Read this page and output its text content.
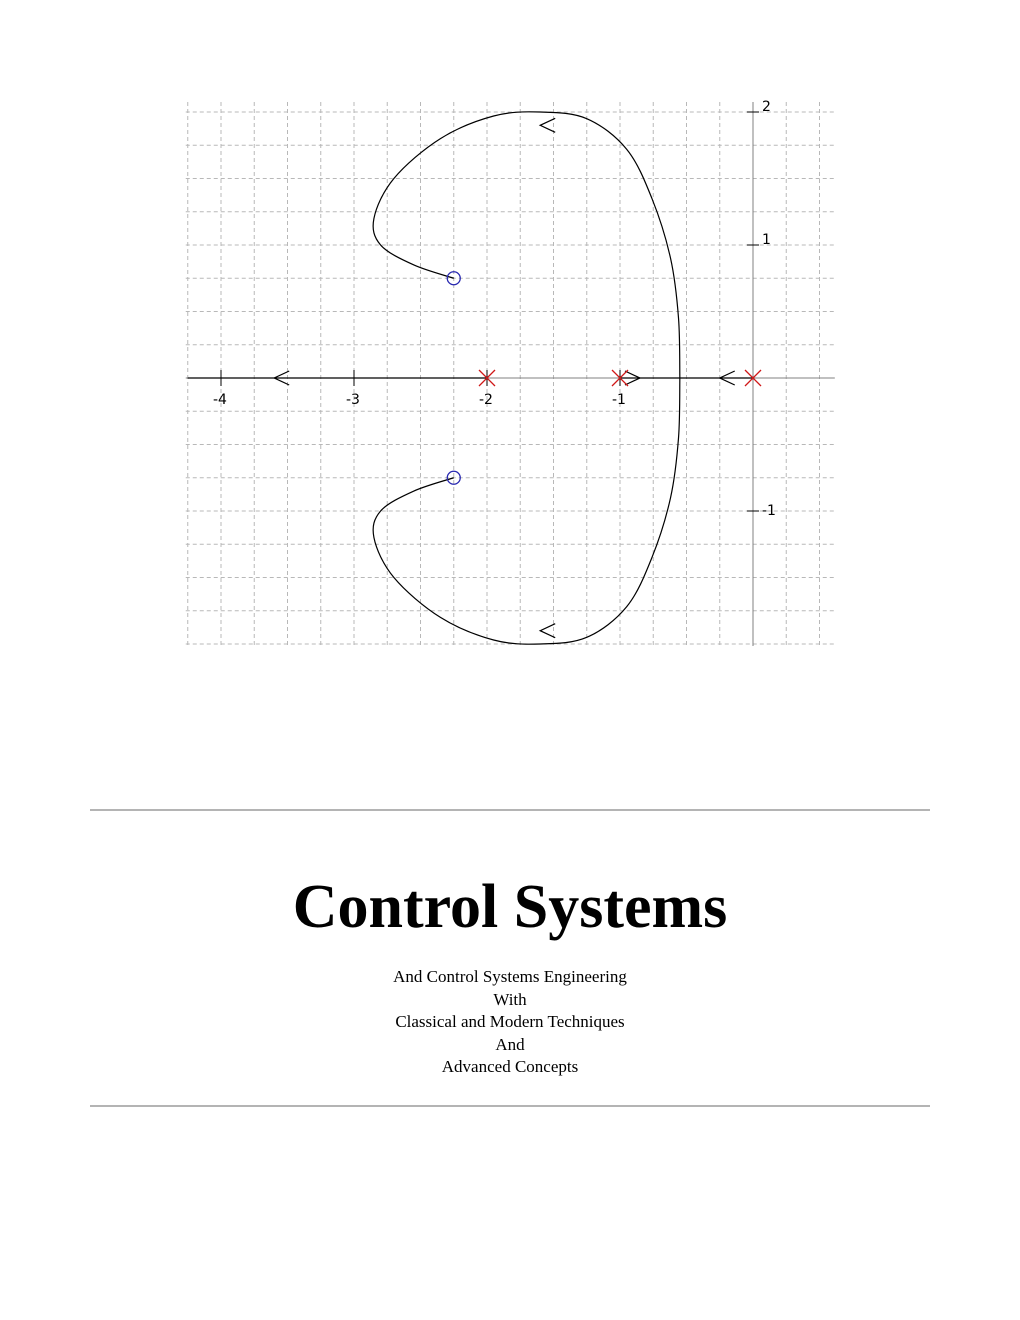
-4	-3	-2	-1
2
1
-1
Control Systems
And Control Systems Engineering
With
Classical and Modern Techniques
And
Advanced Concepts
